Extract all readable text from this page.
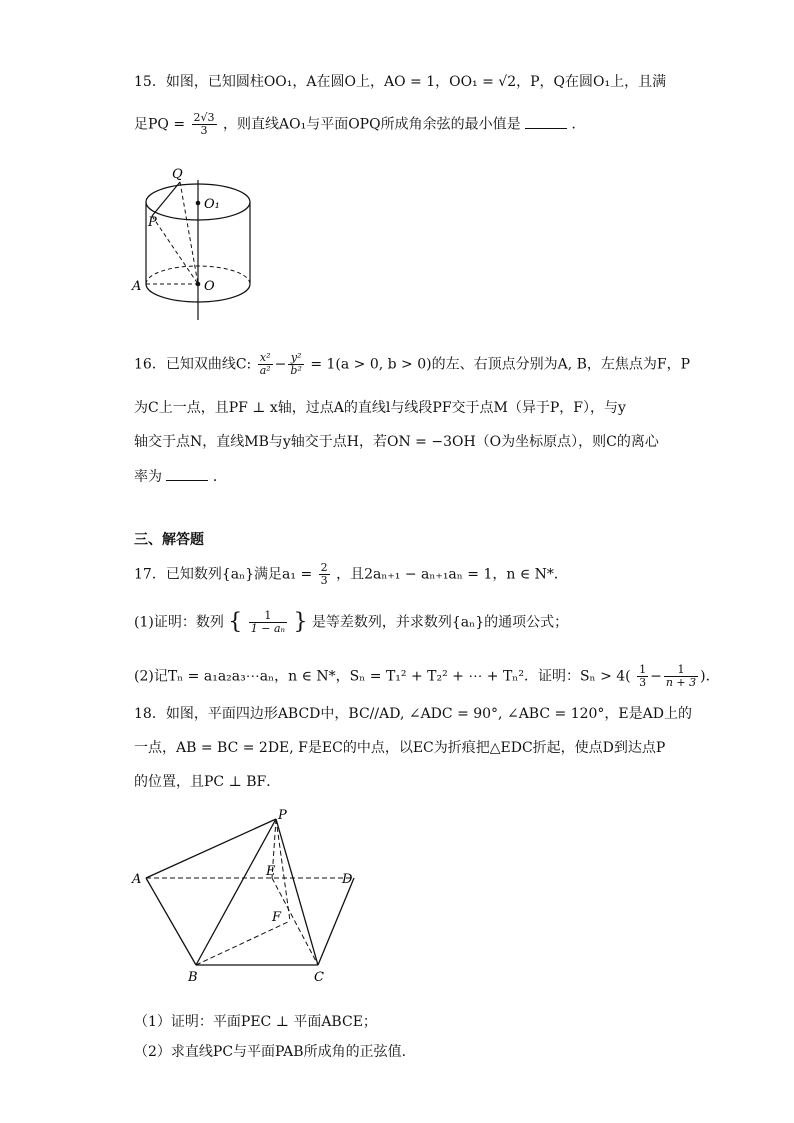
15．如图，已知圆柱OO₁，A在圆O上，AO = 1，OO₁ = √2，P，Q在圆O₁上，且满
足PQ = $\frac{2√3}{3}$ ，则直线AO₁与平面OPQ所成角余弦的最小值是	．
Q
O₁
P
A	O
16．已知双曲线C: $\frac{\text{x²}}{\text{a²}} - \frac{\text{y²}}{\text{b²}} = 1(a > 0$, b > 0)的左、右顶点分别为A, B，左焦点为F，P
为C上一点，且PF ⊥ x轴，过点A的直线l与线段PF交于点M（异于P，F），与y
轴交于点N，直线MB与y轴交于点H，若ON = −3OH（O为坐标原点），则C的离心
率为	．
三、解答题
17．已知数列{aₙ}满足$a_1 = \frac{2}{3}$ ，且2aₙ₊₁ − aₙ₊₁aₙ = 1，n ∈ N*．
(1)证明：数列 { $\frac{1}{\text{1 − aₙ}}$ } 是等差数列，并求数列{aₙ}的通项公式；
(2)记Tₙ = a₁a₂a₃⋯aₙ，n ∈ N*，Sₙ = T₁² + T₂² + ⋯ + Tₙ²．证明：$S_n > 4( \frac{1}{3} - \frac{1}{n + 3}$ )．
18．如图，平面四边形ABCD中，BC//AD, ∠ADC = 90°, ∠ABC = 120°，E是AD上的
一点，AB = BC = 2DE, F是EC的中点，以EC为折痕把△EDC折起，使点D到达点P
的位置，且PC ⊥ BF．
P
A
E
D
F
B	C
（1）证明：平面PEC ⊥ 平面ABCE；
（2）求直线PC与平面PAB所成角的正弦值.
